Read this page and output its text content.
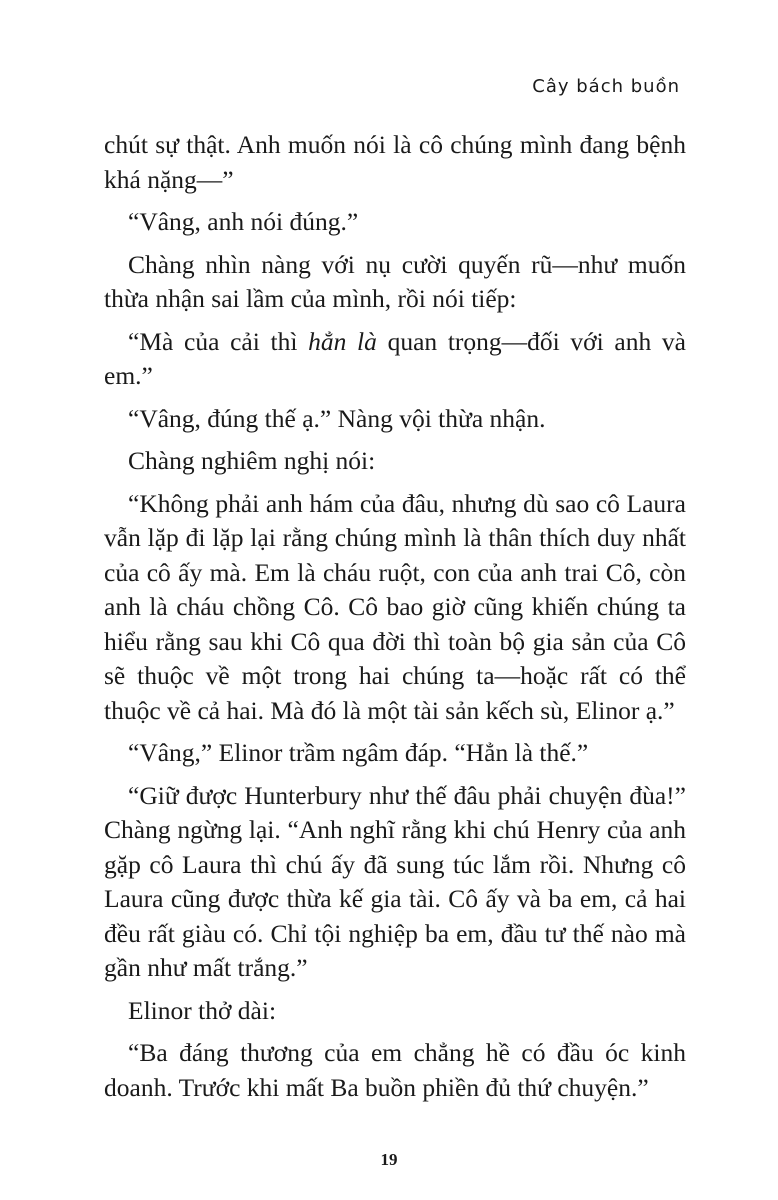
Cây bách buồn

chút sự thật. Anh muốn nói là cô chúng mình đang bệnh khá nặng—”

“Vâng, anh nói đúng.”

Chàng nhìn nàng với nụ cười quyến rũ—như muốn thừa nhận sai lầm của mình, rồi nói tiếp:

“Mà của cải thì hẳn là quan trọng—đối với anh và em.”

“Vâng, đúng thế ạ.” Nàng vội thừa nhận.

Chàng nghiêm nghị nói:

“Không phải anh hám của đâu, nhưng dù sao cô Laura vẫn lặp đi lặp lại rằng chúng mình là thân thích duy nhất của cô ấy mà. Em là cháu ruột, con của anh trai Cô, còn anh là cháu chồng Cô. Cô bao giờ cũng khiến chúng ta hiểu rằng sau khi Cô qua đời thì toàn bộ gia sản của Cô sẽ thuộc về một trong hai chúng ta—hoặc rất có thể thuộc về cả hai. Mà đó là một tài sản kếch sù, Elinor ạ.”

“Vâng,” Elinor trầm ngâm đáp. “Hẳn là thế.”

“Giữ được Hunterbury như thế đâu phải chuyện đùa!” Chàng ngừng lại. “Anh nghĩ rằng khi chú Henry của anh gặp cô Laura thì chú ấy đã sung túc lắm rồi. Nhưng cô Laura cũng được thừa kế gia tài. Cô ấy và ba em, cả hai đều rất giàu có. Chỉ tội nghiệp ba em, đầu tư thế nào mà gần như mất trắng.”

Elinor thở dài:

“Ba đáng thương của em chẳng hề có đầu óc kinh doanh. Trước khi mất Ba buồn phiền đủ thứ chuyện.”

19
